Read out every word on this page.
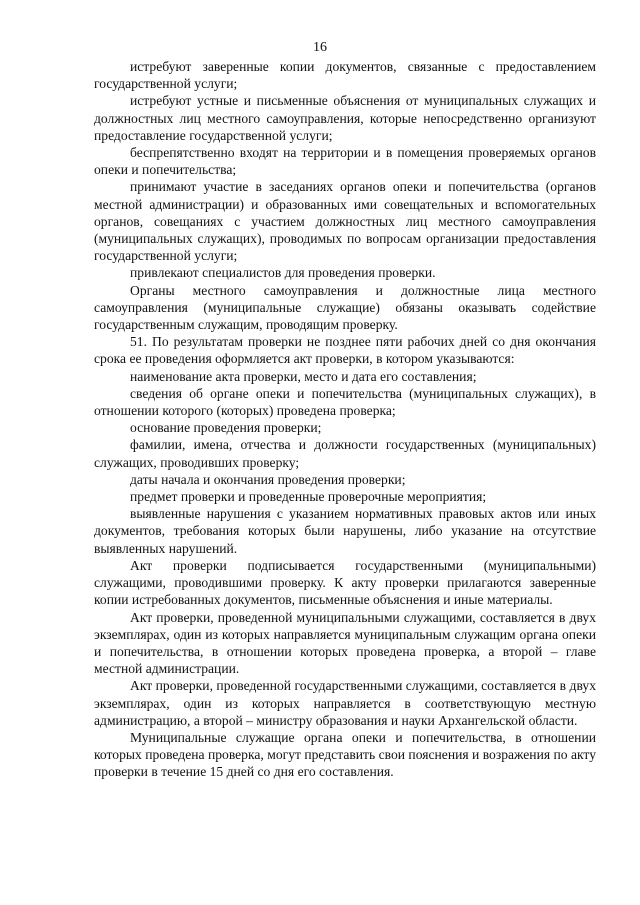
16

истребуют заверенные копии документов, связанные с предоставлением государственной услуги;

истребуют устные и письменные объяснения от муниципальных служащих и должностных лиц местного самоуправления, которые непосредственно организуют предоставление государственной услуги;

беспрепятственно входят на территории и в помещения проверяемых органов опеки и попечительства;

принимают участие в заседаниях органов опеки и попечительства (органов местной администрации) и образованных ими совещательных и вспомогательных органов, совещаниях с участием должностных лиц местного самоуправления (муниципальных служащих), проводимых по вопросам организации предоставления государственной услуги;

привлекают специалистов для проведения проверки.

Органы местного самоуправления и должностные лица местного самоуправления (муниципальные служащие) обязаны оказывать содействие государственным служащим, проводящим проверку.

51. По результатам проверки не позднее пяти рабочих дней со дня окончания срока ее проведения оформляется акт проверки, в котором указываются:

наименование акта проверки, место и дата его составления;

сведения об органе опеки и попечительства (муниципальных служащих), в отношении которого (которых) проведена проверка;

основание проведения проверки;

фамилии, имена, отчества и должности государственных (муниципальных) служащих, проводивших проверку;

даты начала и окончания проведения проверки;

предмет проверки и проведенные проверочные мероприятия;

выявленные нарушения с указанием нормативных правовых актов или иных документов, требования которых были нарушены, либо указание на отсутствие выявленных нарушений.

Акт проверки подписывается государственными (муниципальными) служащими, проводившими проверку. К акту проверки прилагаются заверенные копии истребованных документов, письменные объяснения и иные материалы.

Акт проверки, проведенной муниципальными служащими, составляется в двух экземплярах, один из которых направляется муниципальным служащим органа опеки и попечительства, в отношении которых проведена проверка, а второй – главе местной администрации.

Акт проверки, проведенной государственными служащими, составляется в двух экземплярах, один из которых направляется в соответствующую местную администрацию, а второй – министру образования и науки Архангельской области.

Муниципальные служащие органа опеки и попечительства, в отношении которых проведена проверка, могут представить свои пояснения и возражения по акту проверки в течение 15 дней со дня его составления.
